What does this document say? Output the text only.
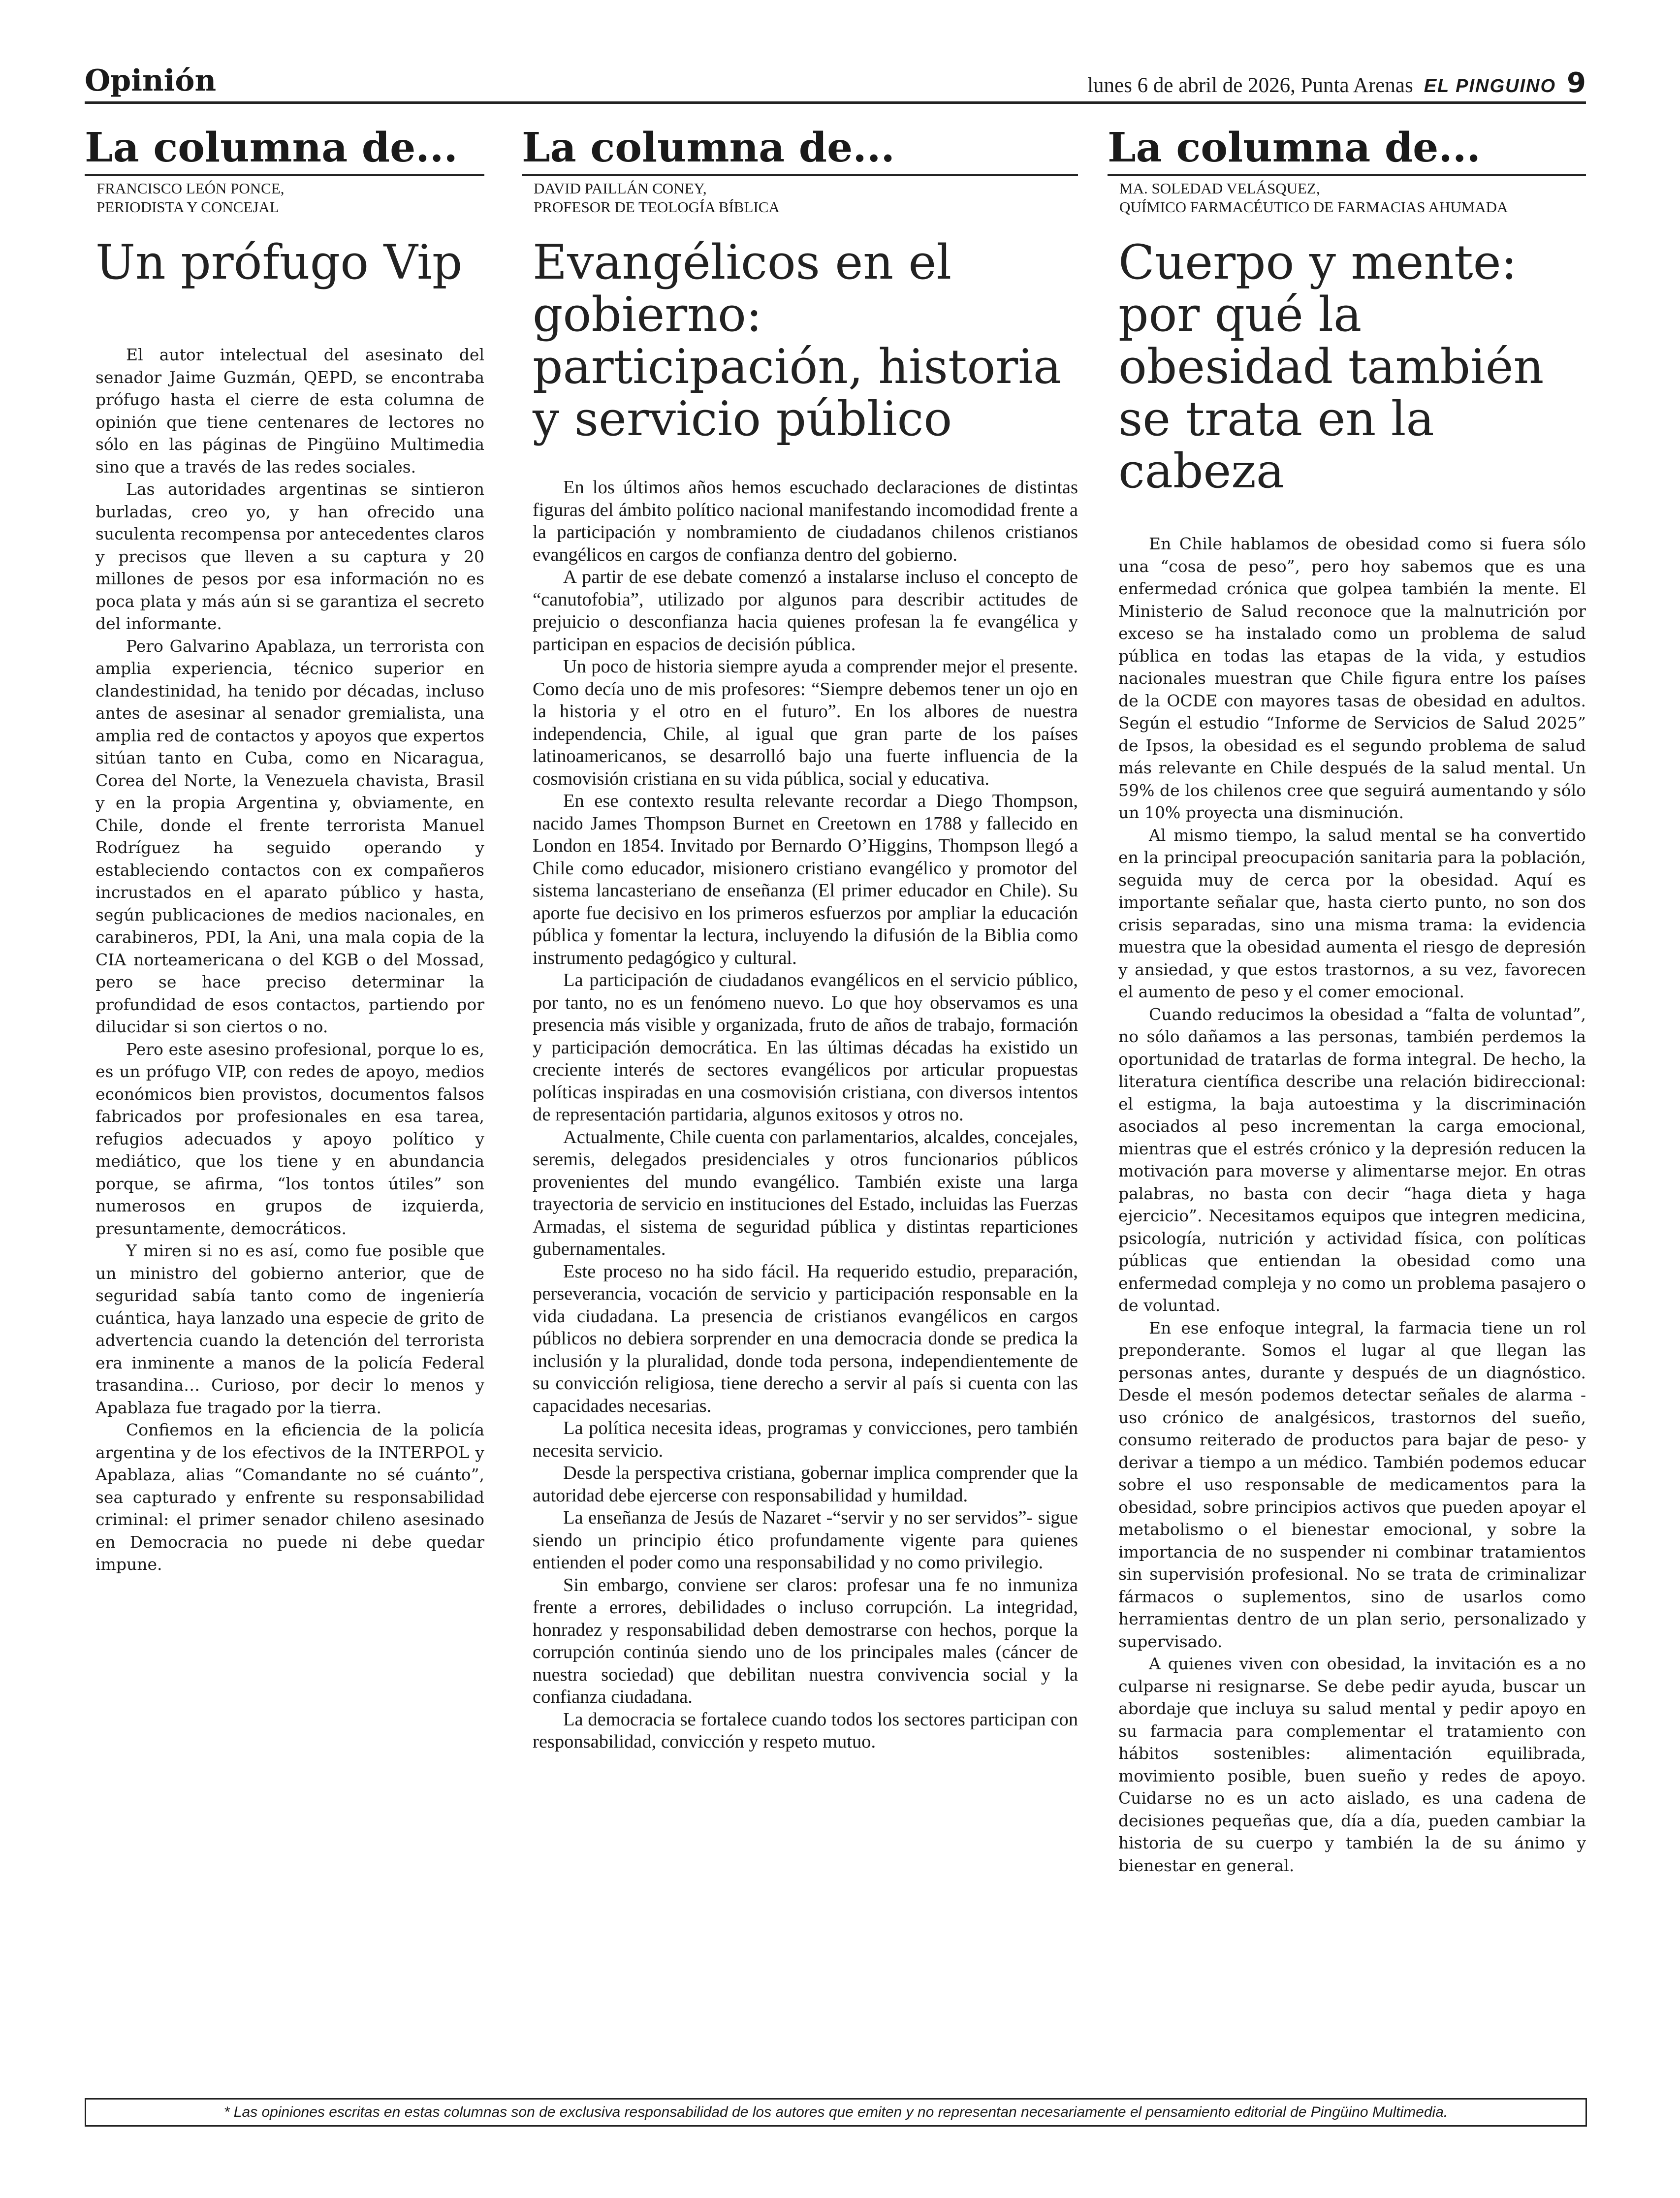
Opinión	lunes 6 de abril de 2026, Punta Arenas EL PINGUINO 9
La columna de...
FRANCISCO LEÓN PONCE,
PERIODISTA Y CONCEJAL
Un prófugo Vip

El autor intelectual del asesinato del senador Jaime Guzmán, QEPD, se encontraba prófugo hasta el cierre de esta columna de opinión que tiene centenares de lectores no sólo en las páginas de Pingüino Multimedia sino que a través de las redes sociales.

Las autoridades argentinas se sintieron burladas, creo yo, y han ofrecido una suculenta recompensa por antecedentes claros y precisos que lleven a su captura y 20 millones de pesos por esa información no es poca plata y más aún si se garantiza el secreto del informante.

Pero Galvarino Apablaza, un terrorista con amplia experiencia, técnico superior en clandestinidad, ha tenido por décadas, incluso antes de asesinar al senador gremialista, una amplia red de contactos y apoyos que expertos sitúan tanto en Cuba, como en Nicaragua, Corea del Norte, la Venezuela chavista, Brasil y en la propia Argentina y, obviamente, en Chile, donde el frente terrorista Manuel Rodríguez ha seguido operando y estableciendo contactos con ex compañeros incrustados en el aparato público y hasta, según publicaciones de medios nacionales, en carabineros, PDI, la Ani, una mala copia de la CIA norteamericana o del KGB o del Mossad, pero se hace preciso determinar la profundidad de esos contactos, partiendo por dilucidar si son ciertos o no.

Pero este asesino profesional, porque lo es, es un prófugo VIP, con redes de apoyo, medios económicos bien provistos, documentos falsos fabricados por profesionales en esa tarea, refugios adecuados y apoyo político y mediático, que los tiene y en abundancia porque, se afirma, “los tontos útiles” son numerosos en grupos de izquierda, presuntamente, democráticos.

Y miren si no es así, como fue posible que un ministro del gobierno anterior, que de seguridad sabía tanto como de ingeniería cuántica, haya lanzado una especie de grito de advertencia cuando la detención del terrorista era inminente a manos de la policía Federal trasandina… Curioso, por decir lo menos y Apablaza fue tragado por la tierra.

Confiemos en la eficiencia de la policía argentina y de los efectivos de la INTERPOL y Apablaza, alias “Comandante no sé cuánto”, sea capturado y enfrente su responsabilidad criminal: el primer senador chileno asesinado en Democracia no puede ni debe quedar impune.

La columna de...
DAVID PAILLÁN CONEY,
PROFESOR DE TEOLOGÍA BÍBLICA
Evangélicos en el gobierno: participación, historia y servicio público

En los últimos años hemos escuchado declaraciones de distintas figuras del ámbito político nacional manifestando incomodidad frente a la participación y nombramiento de ciudadanos chilenos cristianos evangélicos en cargos de confianza dentro del gobierno.

A partir de ese debate comenzó a instalarse incluso el concepto de “canutofobia”, utilizado por algunos para describir actitudes de prejuicio o desconfianza hacia quienes profesan la fe evangélica y participan en espacios de decisión pública.

Un poco de historia siempre ayuda a comprender mejor el presente. Como decía uno de mis profesores: “Siempre debemos tener un ojo en la historia y el otro en el futuro”. En los albores de nuestra independencia, Chile, al igual que gran parte de los países latinoamericanos, se desarrolló bajo una fuerte influencia de la cosmovisión cristiana en su vida pública, social y educativa.

En ese contexto resulta relevante recordar a Diego Thompson, nacido James Thompson Burnet en Creetown en 1788 y fallecido en London en 1854. Invitado por Bernardo O’Higgins, Thompson llegó a Chile como educador, misionero cristiano evangélico y promotor del sistema lancasteriano de enseñanza (El primer educador en Chile). Su aporte fue decisivo en los primeros esfuerzos por ampliar la educación pública y fomentar la lectura, incluyendo la difusión de la Biblia como instrumento pedagógico y cultural.

La participación de ciudadanos evangélicos en el servicio público, por tanto, no es un fenómeno nuevo. Lo que hoy observamos es una presencia más visible y organizada, fruto de años de trabajo, formación y participación democrática. En las últimas décadas ha existido un creciente interés de sectores evangélicos por articular propuestas políticas inspiradas en una cosmovisión cristiana, con diversos intentos de representación partidaria, algunos exitosos y otros no.

Actualmente, Chile cuenta con parlamentarios, alcaldes, concejales, seremis, delegados presidenciales y otros funcionarios públicos provenientes del mundo evangélico. También existe una larga trayectoria de servicio en instituciones del Estado, incluidas las Fuerzas Armadas, el sistema de seguridad pública y distintas reparticiones gubernamentales.

Este proceso no ha sido fácil. Ha requerido estudio, preparación, perseverancia, vocación de servicio y participación responsable en la vida ciudadana. La presencia de cristianos evangélicos en cargos públicos no debiera sorprender en una democracia donde se predica la inclusión y la pluralidad, donde toda persona, independientemente de su convicción religiosa, tiene derecho a servir al país si cuenta con las capacidades necesarias.

La política necesita ideas, programas y convicciones, pero también necesita servicio.

Desde la perspectiva cristiana, gobernar implica comprender que la autoridad debe ejercerse con responsabilidad y humildad.

La enseñanza de Jesús de Nazaret -“servir y no ser servidos”- sigue siendo un principio ético profundamente vigente para quienes entienden el poder como una responsabilidad y no como privilegio.

Sin embargo, conviene ser claros: profesar una fe no inmuniza frente a errores, debilidades o incluso corrupción. La integridad, honradez y responsabilidad deben demostrarse con hechos, porque la corrupción continúa siendo uno de los principales males (cáncer de nuestra sociedad) que debilitan nuestra convivencia social y la confianza ciudadana.

La democracia se fortalece cuando todos los sectores participan con responsabilidad, convicción y respeto mutuo.

La columna de...
MA. SOLEDAD VELÁSQUEZ,
QUÍMICO FARMACÉUTICO DE FARMACIAS AHUMADA
Cuerpo y mente: por qué la obesidad también se trata en la cabeza

En Chile hablamos de obesidad como si fuera sólo una “cosa de peso”, pero hoy sabemos que es una enfermedad crónica que golpea también la mente. El Ministerio de Salud reconoce que la malnutrición por exceso se ha instalado como un problema de salud pública en todas las etapas de la vida, y estudios nacionales muestran que Chile figura entre los países de la OCDE con mayores tasas de obesidad en adultos. Según el estudio “Informe de Servicios de Salud 2025” de Ipsos, la obesidad es el segundo problema de salud más relevante en Chile después de la salud mental. Un 59% de los chilenos cree que seguirá aumentando y sólo un 10% proyecta una disminución.

Al mismo tiempo, la salud mental se ha convertido en la principal preocupación sanitaria para la población, seguida muy de cerca por la obesidad. Aquí es importante señalar que, hasta cierto punto, no son dos crisis separadas, sino una misma trama: la evidencia muestra que la obesidad aumenta el riesgo de depresión y ansiedad, y que estos trastornos, a su vez, favorecen el aumento de peso y el comer emocional.

Cuando reducimos la obesidad a “falta de voluntad”, no sólo dañamos a las personas, también perdemos la oportunidad de tratarlas de forma integral. De hecho, la literatura científica describe una relación bidireccional: el estigma, la baja autoestima y la discriminación asociados al peso incrementan la carga emocional, mientras que el estrés crónico y la depresión reducen la motivación para moverse y alimentarse mejor. En otras palabras, no basta con decir “haga dieta y haga ejercicio”. Necesitamos equipos que integren medicina, psicología, nutrición y actividad física, con políticas públicas que entiendan la obesidad como una enfermedad compleja y no como un problema pasajero o de voluntad.

En ese enfoque integral, la farmacia tiene un rol preponderante. Somos el lugar al que llegan las personas antes, durante y después de un diagnóstico. Desde el mesón podemos detectar señales de alarma -uso crónico de analgésicos, trastornos del sueño, consumo reiterado de productos para bajar de peso- y derivar a tiempo a un médico. También podemos educar sobre el uso responsable de medicamentos para la obesidad, sobre principios activos que pueden apoyar el metabolismo o el bienestar emocional, y sobre la importancia de no suspender ni combinar tratamientos sin supervisión profesional. No se trata de criminalizar fármacos o suplementos, sino de usarlos como herramientas dentro de un plan serio, personalizado y supervisado.

A quienes viven con obesidad, la invitación es a no culparse ni resignarse. Se debe pedir ayuda, buscar un abordaje que incluya su salud mental y pedir apoyo en su farmacia para complementar el tratamiento con hábitos sostenibles: alimentación equilibrada, movimiento posible, buen sueño y redes de apoyo. Cuidarse no es un acto aislado, es una cadena de decisiones pequeñas que, día a día, pueden cambiar la historia de su cuerpo y también la de su ánimo y bienestar en general.

* Las opiniones escritas en estas columnas son de exclusiva responsabilidad de los autores que emiten y no representan necesariamente el pensamiento editorial de Pingüino Multimedia.
